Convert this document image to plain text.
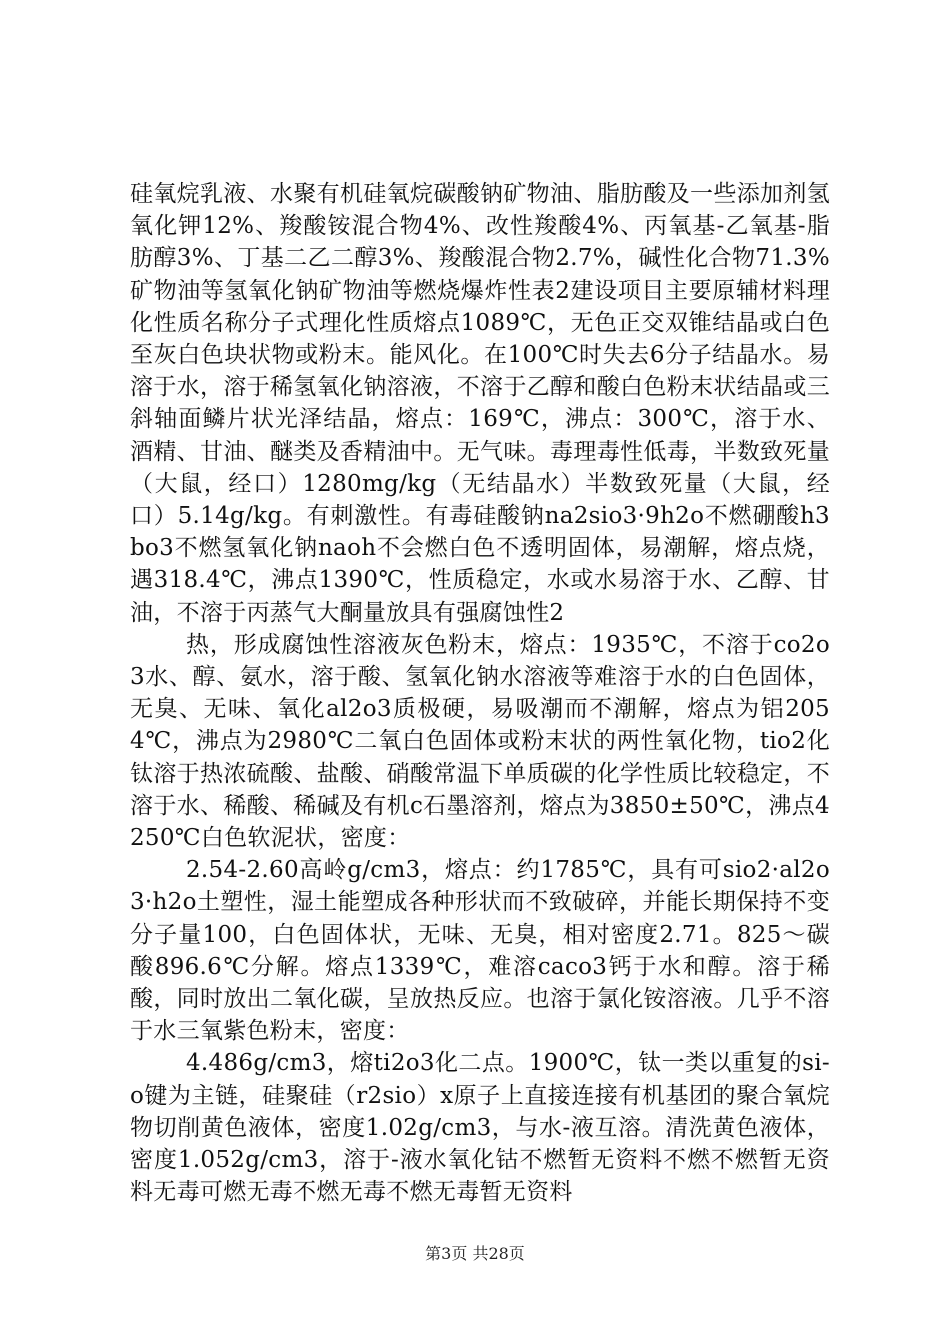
硅氧烷乳液、水聚有机硅氧烷碳酸钠矿物油、脂肪酸及一些添加剂氢氧化钾12%、羧酸铵混合物4%、改性羧酸4%、丙氧基-乙氧基-脂肪醇3%、丁基二乙二醇3%、羧酸混合物2.7%，碱性化合物71.3%矿物油等氢氧化钠矿物油等燃烧爆炸性表2建设项目主要原辅材料理化性质名称分子式理化性质熔点1089℃，无色正交双锥结晶或白色至灰白色块状物或粉末。能风化。在100℃时失去6分子结晶水。易溶于水，溶于稀氢氧化钠溶液，不溶于乙醇和酸白色粉末状结晶或三斜轴面鳞片状光泽结晶，熔点：169℃，沸点：300℃，溶于水、酒精、甘油、醚类及香精油中。无气味。毒理毒性低毒，半数致死量（大鼠，经口）1280mg/kg（无结晶水）半数致死量（大鼠，经口）5.14g/kg。有刺激性。有毒硅酸钠na2sio3·9h2o不燃硼酸h3bo3不燃氢氧化钠naoh不会燃白色不透明固体，易潮解，熔点烧，遇318.4℃，沸点1390℃，性质稳定，水或水易溶于水、乙醇、甘油，不溶于丙蒸气大酮量放具有强腐蚀性2

热，形成腐蚀性溶液灰色粉末，熔点：1935℃，不溶于co2o3水、醇、氨水，溶于酸、氢氧化钠水溶液等难溶于水的白色固体，无臭、无味、氧化al2o3质极硬，易吸潮而不潮解，熔点为铝2054℃，沸点为2980℃二氧白色固体或粉末状的两性氧化物，tio2化钛溶于热浓硫酸、盐酸、硝酸常温下单质碳的化学性质比较稳定，不溶于水、稀酸、稀碱及有机c石墨溶剂，熔点为3850±50℃，沸点4250℃白色软泥状，密度：

2.54-2.60高岭g/cm3，熔点：约1785℃，具有可sio2·al2o3·h2o土塑性，湿土能塑成各种形状而不致破碎，并能长期保持不变分子量100，白色固体状，无味、无臭，相对密度2.71。825～碳酸896.6℃分解。熔点1339℃，难溶caco3钙于水和醇。溶于稀酸，同时放出二氧化碳，呈放热反应。也溶于氯化铵溶液。几乎不溶于水三氧紫色粉末，密度：

4.486g/cm3，熔ti2o3化二点。1900℃，钛一类以重复的si-o键为主链，硅聚硅（r2sio）x原子上直接连接有机基团的聚合氧烷物切削黄色液体，密度1.02g/cm3，与水-液互溶。清洗黄色液体，密度1.052g/cm3，溶于-液水氧化钴不燃暂无资料不燃不燃暂无资料无毒可燃无毒不燃无毒不燃无毒暂无资料

第3页 共28页
